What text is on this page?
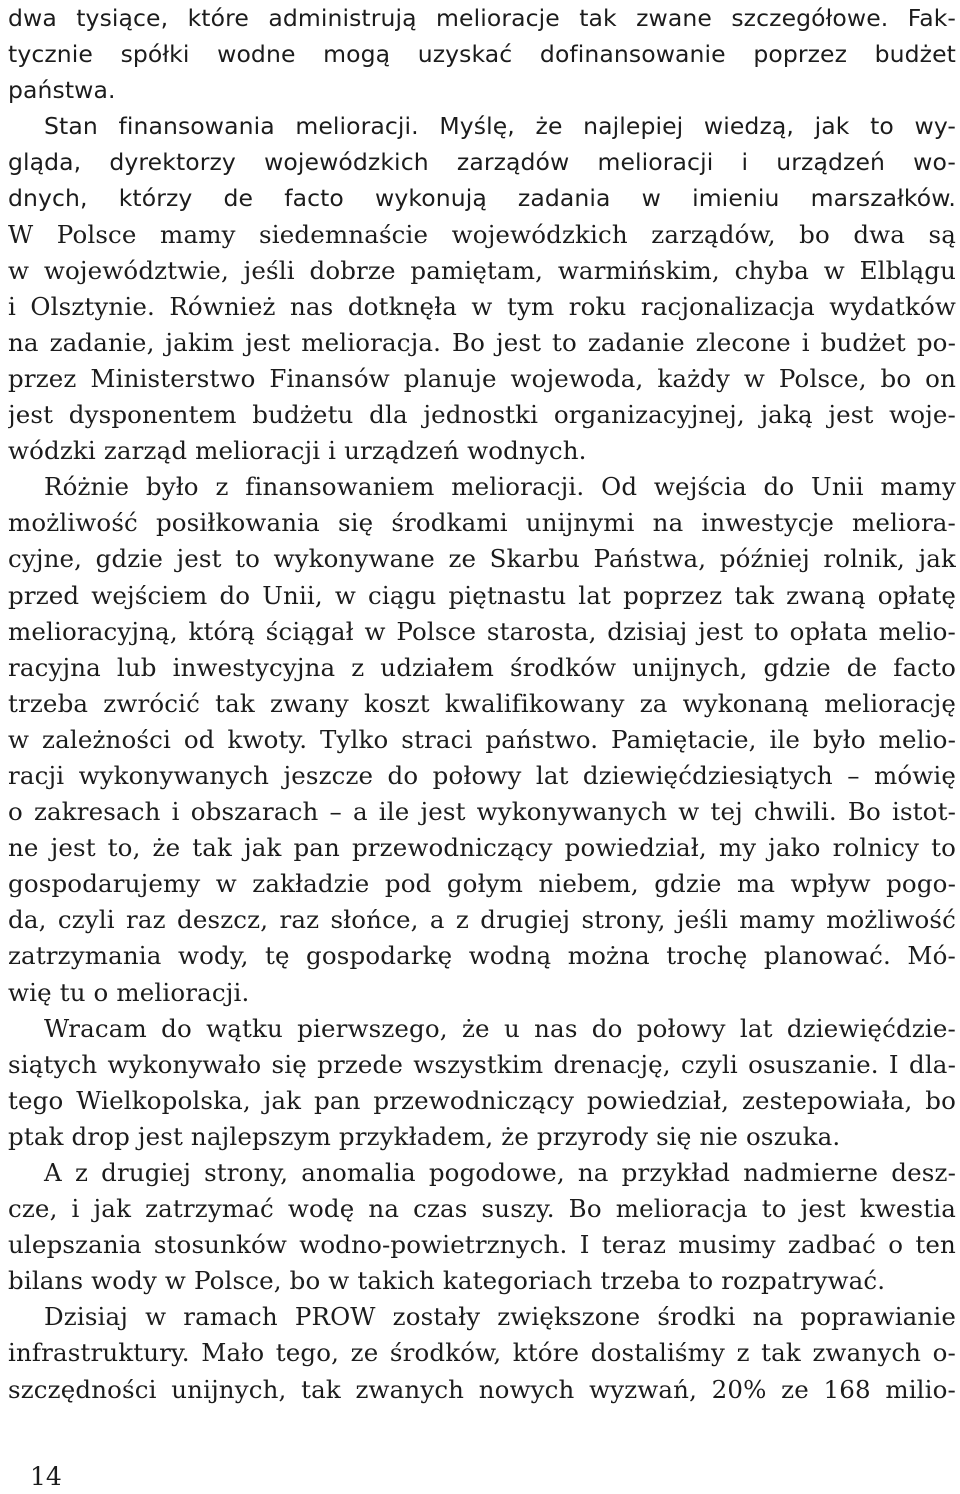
dwa tysiące, które administrują melioracje tak zwane szczegółowe. Fak-
tycznie spółki wodne mogą uzyskać dofinansowanie poprzez budżet
państwa.
Stan finansowania melioracji. Myślę, że najlepiej wiedzą, jak to wy-
gląda, dyrektorzy wojewódzkich zarządów melioracji i urządzeń wo-
dnych, którzy de facto wykonują zadania w imieniu marszałków.
W Polsce mamy siedemnaście wojewódzkich zarządów, bo dwa są
w województwie, jeśli dobrze pamiętam, warmińskim, chyba w Elblągu
i Olsztynie. Również nas dotknęła w tym roku racjonalizacja wydatków
na zadanie, jakim jest melioracja. Bo jest to zadanie zlecone i budżet po-
przez Ministerstwo Finansów planuje wojewoda, każdy w Polsce, bo on
jest dysponentem budżetu dla jednostki organizacyjnej, jaką jest woje-
wódzki zarząd melioracji i urządzeń wodnych.
Różnie było z finansowaniem melioracji. Od wejścia do Unii mamy
możliwość posiłkowania się środkami unijnymi na inwestycje meliora-
cyjne, gdzie jest to wykonywane ze Skarbu Państwa, później rolnik, jak
przed wejściem do Unii, w ciągu piętnastu lat poprzez tak zwaną opłatę
melioracyjną, którą ściągał w Polsce starosta, dzisiaj jest to opłata melio-
racyjna lub inwestycyjna z udziałem środków unijnych, gdzie de facto
trzeba zwrócić tak zwany koszt kwalifikowany za wykonaną meliorację
w zależności od kwoty. Tylko straci państwo. Pamiętacie, ile było melio-
racji wykonywanych jeszcze do połowy lat dziewięćdziesiątych – mówię
o zakresach i obszarach – a ile jest wykonywanych w tej chwili. Bo istot-
ne jest to, że tak jak pan przewodniczący powiedział, my jako rolnicy to
gospodarujemy w zakładzie pod gołym niebem, gdzie ma wpływ pogo-
da, czyli raz deszcz, raz słońce, a z drugiej strony, jeśli mamy możliwość
zatrzymania wody, tę gospodarkę wodną można trochę planować. Mó-
wię tu o melioracji.
Wracam do wątku pierwszego, że u nas do połowy lat dziewięćdzie-
siątych wykonywało się przede wszystkim drenację, czyli osuszanie. I dla-
tego Wielkopolska, jak pan przewodniczący powiedział, zestepowiała, bo
ptak drop jest najlepszym przykładem, że przyrody się nie oszuka.
A z drugiej strony, anomalia pogodowe, na przykład nadmierne desz-
cze, i jak zatrzymać wodę na czas suszy. Bo melioracja to jest kwestia
ulepszania stosunków wodno-powietrznych. I teraz musimy zadbać o ten
bilans wody w Polsce, bo w takich kategoriach trzeba to rozpatrywać.
Dzisiaj w ramach PROW zostały zwiększone środki na poprawianie
infrastruktury. Mało tego, ze środków, które dostaliśmy z tak zwanych o-
szczędności unijnych, tak zwanych nowych wyzwań, 20% ze 168 milio-
14
